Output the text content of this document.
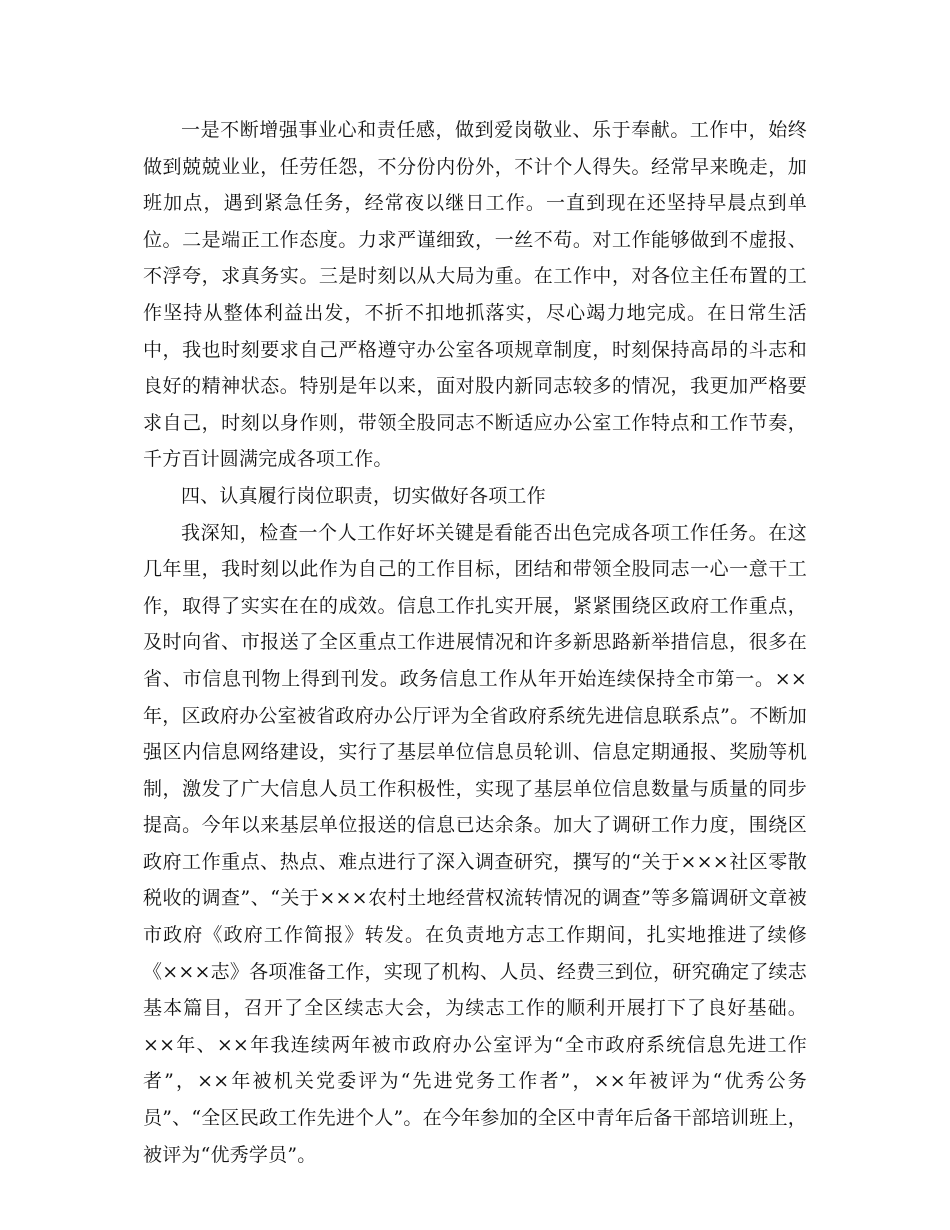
一是不断增强事业心和责任感，做到爱岗敬业、乐于奉献。工作中，始终做到兢兢业业，任劳任怨，不分份内份外，不计个人得失。经常早来晚走，加班加点，遇到紧急任务，经常夜以继日工作。一直到现在还坚持早晨点到单位。二是端正工作态度。力求严谨细致，一丝不苟。对工作能够做到不虚报、不浮夸，求真务实。三是时刻以从大局为重。在工作中，对各位主任布置的工作坚持从整体利益出发，不折不扣地抓落实，尽心竭力地完成。在日常生活中，我也时刻要求自己严格遵守办公室各项规章制度，时刻保持高昂的斗志和良好的精神状态。特别是年以来，面对股内新同志较多的情况，我更加严格要求自己，时刻以身作则，带领全股同志不断适应办公室工作特点和工作节奏，千方百计圆满完成各项工作。

四、认真履行岗位职责，切实做好各项工作

我深知，检查一个人工作好坏关键是看能否出色完成各项工作任务。在这几年里，我时刻以此作为自己的工作目标，团结和带领全股同志一心一意干工作，取得了实实在在的成效。信息工作扎实开展，紧紧围绕区政府工作重点，及时向省、市报送了全区重点工作进展情况和许多新思路新举措信息，很多在省、市信息刊物上得到刊发。政务信息工作从年开始连续保持全市第一。××年，区政府办公室被省政府办公厅评为全省政府系统先进信息联系点”。不断加强区内信息网络建设，实行了基层单位信息员轮训、信息定期通报、奖励等机制，激发了广大信息人员工作积极性，实现了基层单位信息数量与质量的同步提高。今年以来基层单位报送的信息已达余条。加大了调研工作力度，围绕区政府工作重点、热点、难点进行了深入调查研究，撰写的“关于×××社区零散税收的调查”、“关于×××农村土地经营权流转情况的调查”等多篇调研文章被市政府《政府工作简报》转发。在负责地方志工作期间，扎实地推进了续修《×××志》各项准备工作，实现了机构、人员、经费三到位，研究确定了续志基本篇目，召开了全区续志大会，为续志工作的顺利开展打下了良好基础。××年、××年我连续两年被市政府办公室评为“全市政府系统信息先进工作者”，××年被机关党委评为“先进党务工作者”，××年被评为“优秀公务员”、“全区民政工作先进个人”。在今年参加的全区中青年后备干部培训班上，被评为“优秀学员”。
